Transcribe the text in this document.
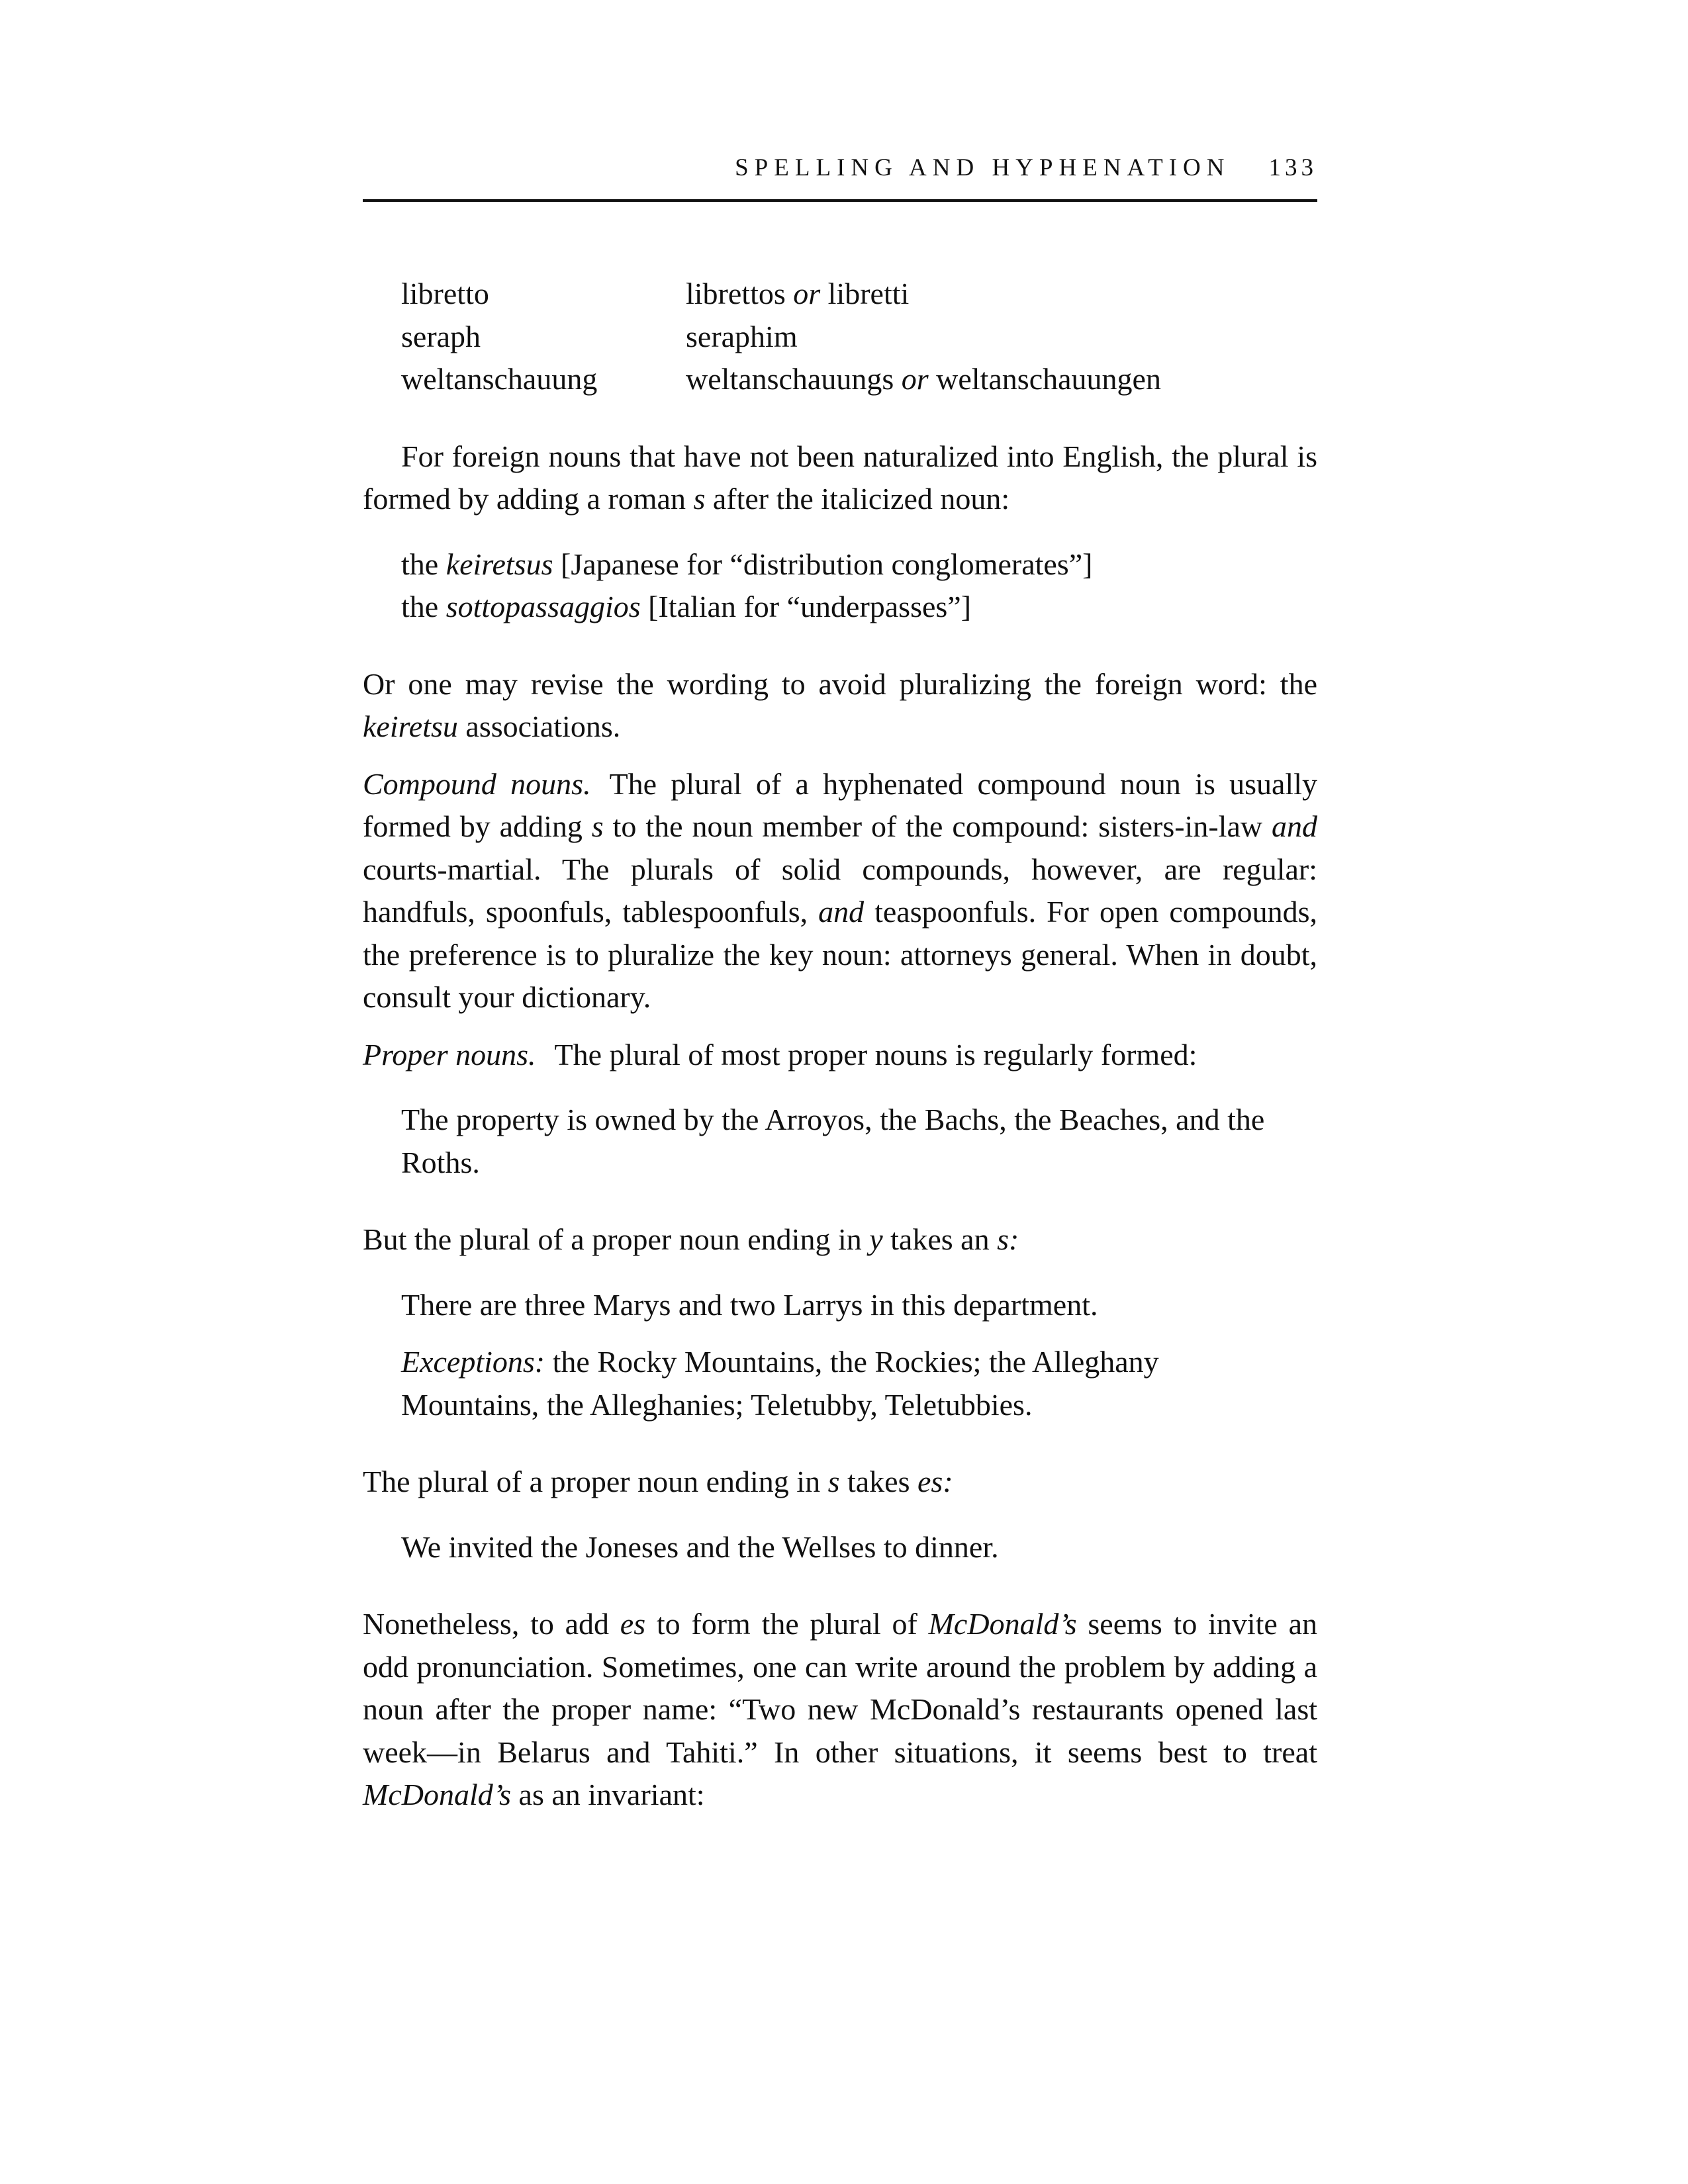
SPELLING AND HYPHENATION 133
libretto	librettos or libretti
seraph	seraphim
weltanschauung	weltanschauungs or weltanschauungen

For foreign nouns that have not been naturalized into English, the plural is formed by adding a roman s after the italicized noun:

the keiretsus [Japanese for “distribution conglomerates”]

the sottopassaggios [Italian for “underpasses”]

Or one may revise the wording to avoid pluralizing the foreign word: the keiretsu associations.

Compound nouns. The plural of a hyphenated compound noun is usually formed by adding s to the noun member of the compound: sisters-in-law and courts-martial. The plurals of solid compounds, however, are regular: handfuls, spoonfuls, tablespoonfuls, and teaspoonfuls. For open compounds, the preference is to pluralize the key noun: attorneys general. When in doubt, consult your dictionary.

Proper nouns. The plural of most proper nouns is regularly formed:

The property is owned by the Arroyos, the Bachs, the Beaches, and the Roths.

But the plural of a proper noun ending in y takes an s:

There are three Marys and two Larrys in this department.

Exceptions: the Rocky Mountains, the Rockies; the Alleghany Mountains, the Alleghanies; Teletubby, Teletubbies.

The plural of a proper noun ending in s takes es:

We invited the Joneses and the Wellses to dinner.

Nonetheless, to add es to form the plural of McDonald’s seems to invite an odd pronunciation. Sometimes, one can write around the problem by adding a noun after the proper name: “Two new McDonald’s restaurants opened last week—in Belarus and Tahiti.” In other situations, it seems best to treat McDonald’s as an invariant:
